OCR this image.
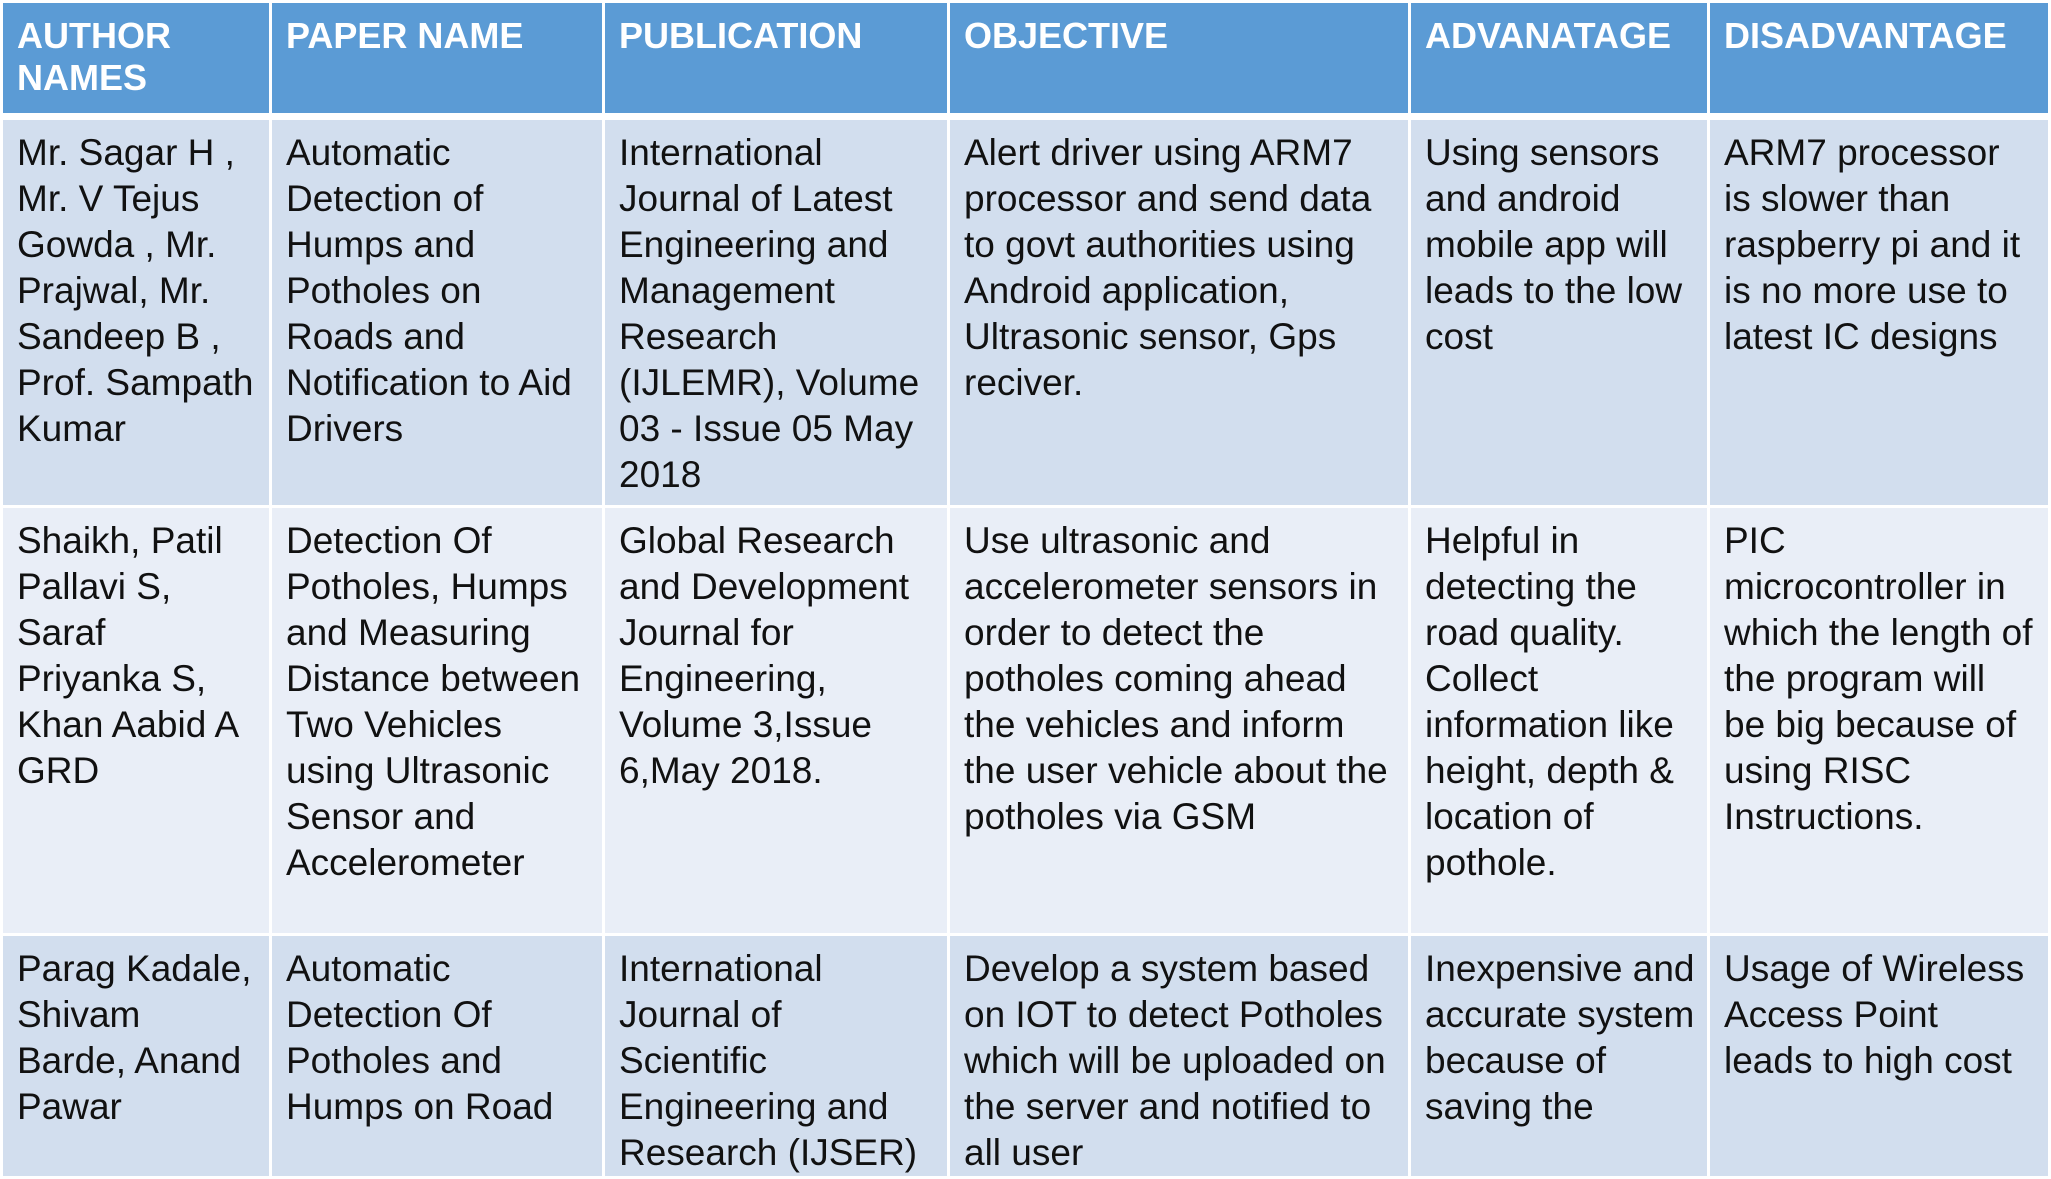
AUTHOR NAMES	PAPER NAME	PUBLICATION	OBJECTIVE	ADVANATAGE	DISADVANTAGE
Mr. Sagar H , Mr. V Tejus Gowda , Mr. Prajwal, Mr. Sandeep B , Prof. Sampath Kumar	Automatic Detection of Humps and Potholes on Roads and Notification to Aid Drivers	International Journal of Latest Engineering and Management Research (IJLEMR), Volume 03 - Issue 05 May 2018	Alert driver using ARM7 processor and send data to govt authorities using Android application, Ultrasonic sensor, Gps reciver.	Using sensors and android mobile app will leads to the low cost	ARM7 processor is slower than raspberry pi and it is no more use to latest IC designs
Shaikh, Patil Pallavi S, Saraf Priyanka S, Khan Aabid A GRD	Detection Of Potholes, Humps and Measuring Distance between Two Vehicles using Ultrasonic Sensor and Accelerometer	Global Research and Development Journal for Engineering, Volume 3,Issue 6,May 2018.	Use ultrasonic and accelerometer sensors in order to detect the potholes coming ahead the vehicles and inform the user vehicle about the potholes via GSM	Helpful in detecting the road quality. Collect information like height, depth & location of pothole.	PIC microcontroller in which the length of the program will be big because of using RISC Instructions.
Parag Kadale, Shivam Barde, Anand Pawar	Automatic Detection Of Potholes and Humps on Road	International Journal of Scientific Engineering and Research (IJSER)	Develop a system based on IOT to detect Potholes which will be uploaded on the server and notified to all user	Inexpensive and accurate system because of saving the	Usage of Wireless Access Point leads to high cost
